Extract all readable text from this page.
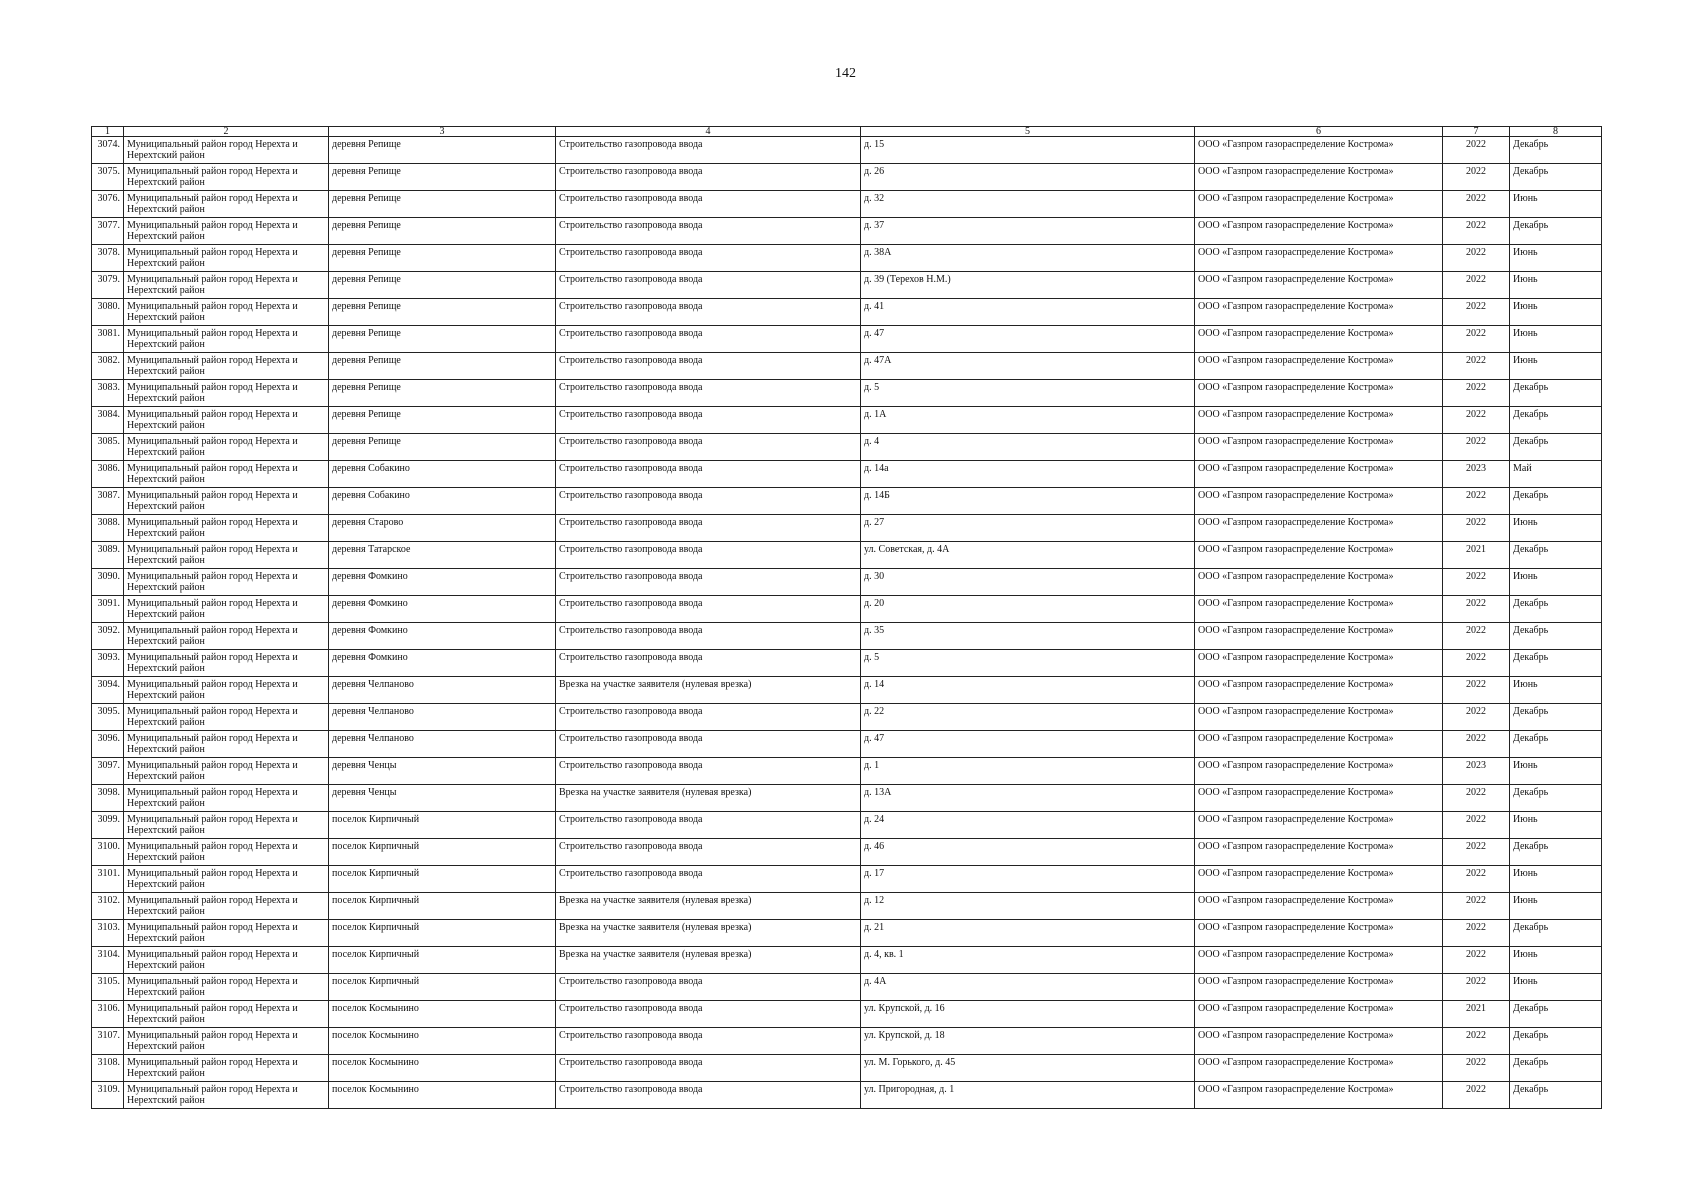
142
1	2	3	4	5	6	7	8
3074.	Муниципальный район город Нерехта и Нерехтский район	деревня Репище	Строительство газопровода ввода	д. 15	ООО «Газпром газораспределение Кострома»	2022	Декабрь
3075.	Муниципальный район город Нерехта и Нерехтский район	деревня Репище	Строительство газопровода ввода	д. 26	ООО «Газпром газораспределение Кострома»	2022	Декабрь
3076.	Муниципальный район город Нерехта и Нерехтский район	деревня Репище	Строительство газопровода ввода	д. 32	ООО «Газпром газораспределение Кострома»	2022	Июнь
3077.	Муниципальный район город Нерехта и Нерехтский район	деревня Репище	Строительство газопровода ввода	д. 37	ООО «Газпром газораспределение Кострома»	2022	Декабрь
3078.	Муниципальный район город Нерехта и Нерехтский район	деревня Репище	Строительство газопровода ввода	д. 38А	ООО «Газпром газораспределение Кострома»	2022	Июнь
3079.	Муниципальный район город Нерехта и Нерехтский район	деревня Репище	Строительство газопровода ввода	д. 39 (Терехов Н.М.)	ООО «Газпром газораспределение Кострома»	2022	Июнь
3080.	Муниципальный район город Нерехта и Нерехтский район	деревня Репище	Строительство газопровода ввода	д. 41	ООО «Газпром газораспределение Кострома»	2022	Июнь
3081.	Муниципальный район город Нерехта и Нерехтский район	деревня Репище	Строительство газопровода ввода	д. 47	ООО «Газпром газораспределение Кострома»	2022	Июнь
3082.	Муниципальный район город Нерехта и Нерехтский район	деревня Репище	Строительство газопровода ввода	д. 47А	ООО «Газпром газораспределение Кострома»	2022	Июнь
3083.	Муниципальный район город Нерехта и Нерехтский район	деревня Репище	Строительство газопровода ввода	д. 5	ООО «Газпром газораспределение Кострома»	2022	Декабрь
3084.	Муниципальный район город Нерехта и Нерехтский район	деревня Репище	Строительство газопровода ввода	д. 1А	ООО «Газпром газораспределение Кострома»	2022	Декабрь
3085.	Муниципальный район город Нерехта и Нерехтский район	деревня Репище	Строительство газопровода ввода	д. 4	ООО «Газпром газораспределение Кострома»	2022	Декабрь
3086.	Муниципальный район город Нерехта и Нерехтский район	деревня Собакино	Строительство газопровода ввода	д. 14а	ООО «Газпром газораспределение Кострома»	2023	Май
3087.	Муниципальный район город Нерехта и Нерехтский район	деревня Собакино	Строительство газопровода ввода	д. 14Б	ООО «Газпром газораспределение Кострома»	2022	Декабрь
3088.	Муниципальный район город Нерехта и Нерехтский район	деревня Старово	Строительство газопровода ввода	д. 27	ООО «Газпром газораспределение Кострома»	2022	Июнь
3089.	Муниципальный район город Нерехта и Нерехтский район	деревня Татарское	Строительство газопровода ввода	ул. Советская, д. 4А	ООО «Газпром газораспределение Кострома»	2021	Декабрь
3090.	Муниципальный район город Нерехта и Нерехтский район	деревня Фомкино	Строительство газопровода ввода	д. 30	ООО «Газпром газораспределение Кострома»	2022	Июнь
3091.	Муниципальный район город Нерехта и Нерехтский район	деревня Фомкино	Строительство газопровода ввода	д. 20	ООО «Газпром газораспределение Кострома»	2022	Декабрь
3092.	Муниципальный район город Нерехта и Нерехтский район	деревня Фомкино	Строительство газопровода ввода	д. 35	ООО «Газпром газораспределение Кострома»	2022	Декабрь
3093.	Муниципальный район город Нерехта и Нерехтский район	деревня Фомкино	Строительство газопровода ввода	д. 5	ООО «Газпром газораспределение Кострома»	2022	Декабрь
3094.	Муниципальный район город Нерехта и Нерехтский район	деревня Челпаново	Врезка на участке заявителя (нулевая врезка)	д. 14	ООО «Газпром газораспределение Кострома»	2022	Июнь
3095.	Муниципальный район город Нерехта и Нерехтский район	деревня Челпаново	Строительство газопровода ввода	д. 22	ООО «Газпром газораспределение Кострома»	2022	Декабрь
3096.	Муниципальный район город Нерехта и Нерехтский район	деревня Челпаново	Строительство газопровода ввода	д. 47	ООО «Газпром газораспределение Кострома»	2022	Декабрь
3097.	Муниципальный район город Нерехта и Нерехтский район	деревня Ченцы	Строительство газопровода ввода	д. 1	ООО «Газпром газораспределение Кострома»	2023	Июнь
3098.	Муниципальный район город Нерехта и Нерехтский район	деревня Ченцы	Врезка на участке заявителя (нулевая врезка)	д. 13А	ООО «Газпром газораспределение Кострома»	2022	Декабрь
3099.	Муниципальный район город Нерехта и Нерехтский район	поселок Кирпичный	Строительство газопровода ввода	д. 24	ООО «Газпром газораспределение Кострома»	2022	Июнь
3100.	Муниципальный район город Нерехта и Нерехтский район	поселок Кирпичный	Строительство газопровода ввода	д. 46	ООО «Газпром газораспределение Кострома»	2022	Декабрь
3101.	Муниципальный район город Нерехта и Нерехтский район	поселок Кирпичный	Строительство газопровода ввода	д. 17	ООО «Газпром газораспределение Кострома»	2022	Июнь
3102.	Муниципальный район город Нерехта и Нерехтский район	поселок Кирпичный	Врезка на участке заявителя (нулевая врезка)	д. 12	ООО «Газпром газораспределение Кострома»	2022	Июнь
3103.	Муниципальный район город Нерехта и Нерехтский район	поселок Кирпичный	Врезка на участке заявителя (нулевая врезка)	д. 21	ООО «Газпром газораспределение Кострома»	2022	Декабрь
3104.	Муниципальный район город Нерехта и Нерехтский район	поселок Кирпичный	Врезка на участке заявителя (нулевая врезка)	д. 4, кв. 1	ООО «Газпром газораспределение Кострома»	2022	Июнь
3105.	Муниципальный район город Нерехта и Нерехтский район	поселок Кирпичный	Строительство газопровода ввода	д. 4А	ООО «Газпром газораспределение Кострома»	2022	Июнь
3106.	Муниципальный район город Нерехта и Нерехтский район	поселок Космынино	Строительство газопровода ввода	ул. Крупской, д. 16	ООО «Газпром газораспределение Кострома»	2021	Декабрь
3107.	Муниципальный район город Нерехта и Нерехтский район	поселок Космынино	Строительство газопровода ввода	ул. Крупской, д. 18	ООО «Газпром газораспределение Кострома»	2022	Декабрь
3108.	Муниципальный район город Нерехта и Нерехтский район	поселок Космынино	Строительство газопровода ввода	ул. М. Горького, д. 45	ООО «Газпром газораспределение Кострома»	2022	Декабрь
3109.	Муниципальный район город Нерехта и Нерехтский район	поселок Космынино	Строительство газопровода ввода	ул. Пригородная, д. 1	ООО «Газпром газораспределение Кострома»	2022	Декабрь
